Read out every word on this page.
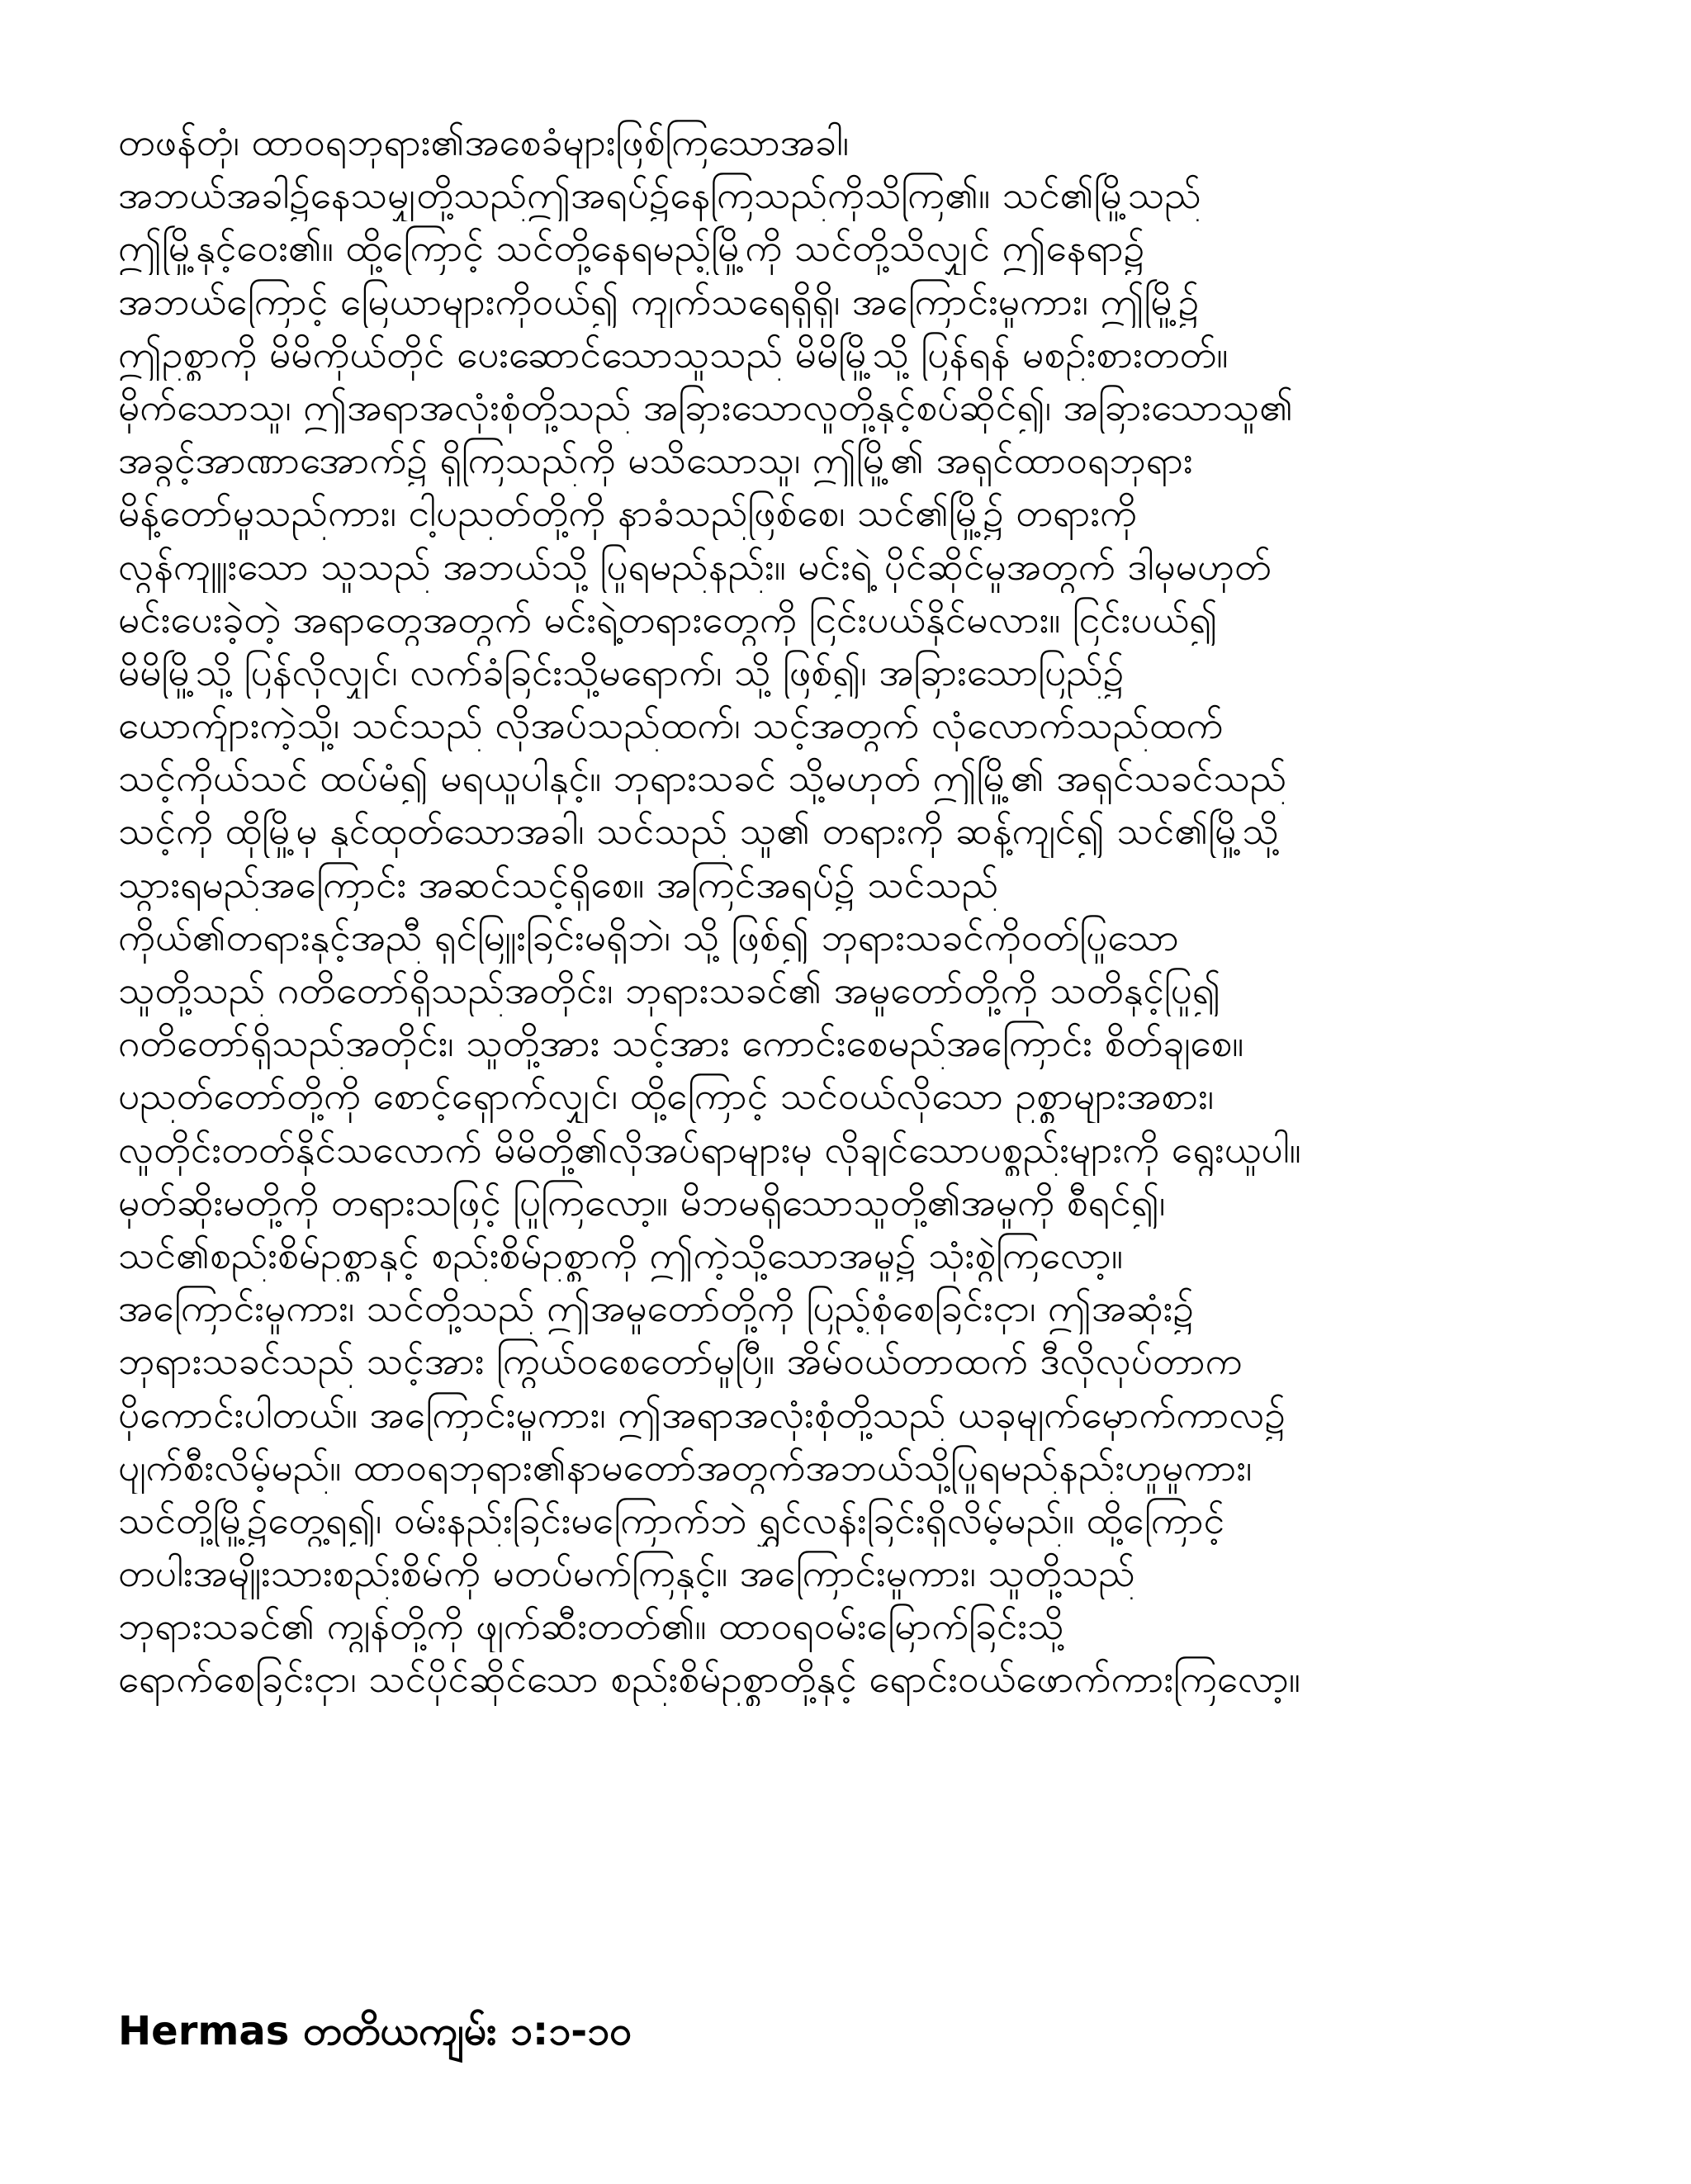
တဖန်တုံ၊ ထာဝရဘုရား၏အစေခံများဖြစ်ကြသောအခါ၊
အဘယ်အခါ၌နေသမျှတို့သည်ဤအရပ်၌နေကြသည်ကိုသိကြ၏။ သင်၏မြို့သည်
ဤမြို့နှင့်ဝေး၏။ ထို့ကြောင့် သင်တို့နေရမည့်မြို့ကို သင်တို့သိလျှင် ဤနေရာ၌
အဘယ်ကြောင့် မြေယာများကိုဝယ်၍ ကျက်သရေရှိရှိ၊ အကြောင်းမူကား၊ ဤမြို့၌
ဤဥစ္စာကို မိမိကိုယ်တိုင် ပေးဆောင်သောသူသည် မိမိမြို့သို့ ပြန်ရန် မစဉ်းစားတတ်။
မိုက်သောသူ၊ ဤအရာအလုံးစုံတို့သည် အခြားသောလူတို့နှင့်စပ်ဆိုင်၍၊ အခြားသောသူ၏
အခွင့်အာဏာအောက်၌ ရှိကြသည်ကို မသိသောသူ၊ ဤမြို့၏ အရှင်ထာဝရဘုရား
မိန့်တော်မူသည်ကား၊ ငါ့ပညတ်တို့ကို နာခံသည်ဖြစ်စေ၊ သင်၏မြို့၌ တရားကို
လွန်ကျူးသော သူသည် အဘယ်သို့ ပြုရမည်နည်း။ မင်းရဲ့ ပိုင်ဆိုင်မှုအတွက် ဒါမှမဟုတ်
မင်းပေးခဲ့တဲ့ အရာတွေအတွက် မင်းရဲ့တရားတွေကို ငြင်းပယ်နိုင်မလား။ ငြင်းပယ်၍
မိမိမြို့သို့ ပြန်လိုလျှင်၊ လက်ခံခြင်းသို့မရောက်၊ သို့ ဖြစ်၍၊ အခြားသောပြည်၌
ယောက်ျားကဲ့သို့၊ သင်သည် လိုအပ်သည်ထက်၊ သင့်အတွက် လုံလောက်သည်ထက်
သင့်ကိုယ်သင် ထပ်မံ၍ မရယူပါနှင့်။ ဘုရားသခင် သို့မဟုတ် ဤမြို့၏ အရှင်သခင်သည်
သင့်ကို ထိုမြို့မှ နှင်ထုတ်သောအခါ၊ သင်သည် သူ၏ တရားကို ဆန့်ကျင်၍ သင်၏မြို့သို့
သွားရမည်အကြောင်း အဆင်သင့်ရှိစေ။ အကြင်အရပ်၌ သင်သည်
ကိုယ်၏တရားနှင့်အညီ ရှင်မြူးခြင်းမရှိဘဲ၊ သို့ ဖြစ်၍ ဘုရားသခင်ကိုဝတ်ပြုသော
သူတို့သည် ဂတိတော်ရှိသည်အတိုင်း၊ ဘုရားသခင်၏ အမှုတော်တို့ကို သတိနှင့်ပြု၍
ဂတိတော်ရှိသည်အတိုင်း၊ သူတို့အား သင့်အား ကောင်းစေမည်အကြောင်း စိတ်ချစေ။
ပညတ်တော်တို့ကို စောင့်ရှောက်လျှင်၊ ထို့ကြောင့် သင်ဝယ်လိုသော ဥစ္စာများအစား၊
လူတိုင်းတတ်နိုင်သလောက် မိမိတို့၏လိုအပ်ရာများမှ လိုချင်သောပစ္စည်းများကို ရွေးယူပါ။
မုတ်ဆိုးမတို့ကို တရားသဖြင့် ပြုကြလော့။ မိဘမရှိသောသူတို့၏အမှုကို စီရင်၍၊
သင်၏စည်းစိမ်ဥစ္စာနှင့် စည်းစိမ်ဥစ္စာကို ဤကဲ့သို့သောအမှု၌ သုံးစွဲကြလော့။
အကြောင်းမူကား၊ သင်တို့သည် ဤအမှုတော်တို့ကို ပြည့်စုံစေခြင်းငှာ၊ ဤအဆုံး၌
ဘုရားသခင်သည် သင့်အား ကြွယ်ဝစေတော်မူပြီ။ အိမ်ဝယ်တာထက် ဒီလိုလုပ်တာက
ပိုကောင်းပါတယ်။ အကြောင်းမူကား၊ ဤအရာအလုံးစုံတို့သည် ယခုမျက်မှောက်ကာလ၌
ပျက်စီးလိမ့်မည်။ ထာဝရဘုရား၏နာမတော်အတွက်အဘယ်သို့ပြုရမည်နည်းဟူမူကား၊
သင်တို့မြို့၌တွေ့ရ၍၊ ဝမ်းနည်းခြင်းမကြောက်ဘဲ ရွှင်လန်းခြင်းရှိလိမ့်မည်။ ထို့ကြောင့်
တပါးအမျိုးသားစည်းစိမ်ကို မတပ်မက်ကြနှင့်။ အကြောင်းမူကား၊ သူတို့သည်
ဘုရားသခင်၏ ကျွန်တို့ကို ဖျက်ဆီးတတ်၏။ ထာဝရဝမ်းမြောက်ခြင်းသို့
ရောက်စေခြင်းငှာ၊ သင်ပိုင်ဆိုင်သော စည်းစိမ်ဥစ္စာတို့နှင့် ရောင်းဝယ်ဖောက်ကားကြလော့။
Hermas တတိယကျမ်း ၁:၁-၁၀
